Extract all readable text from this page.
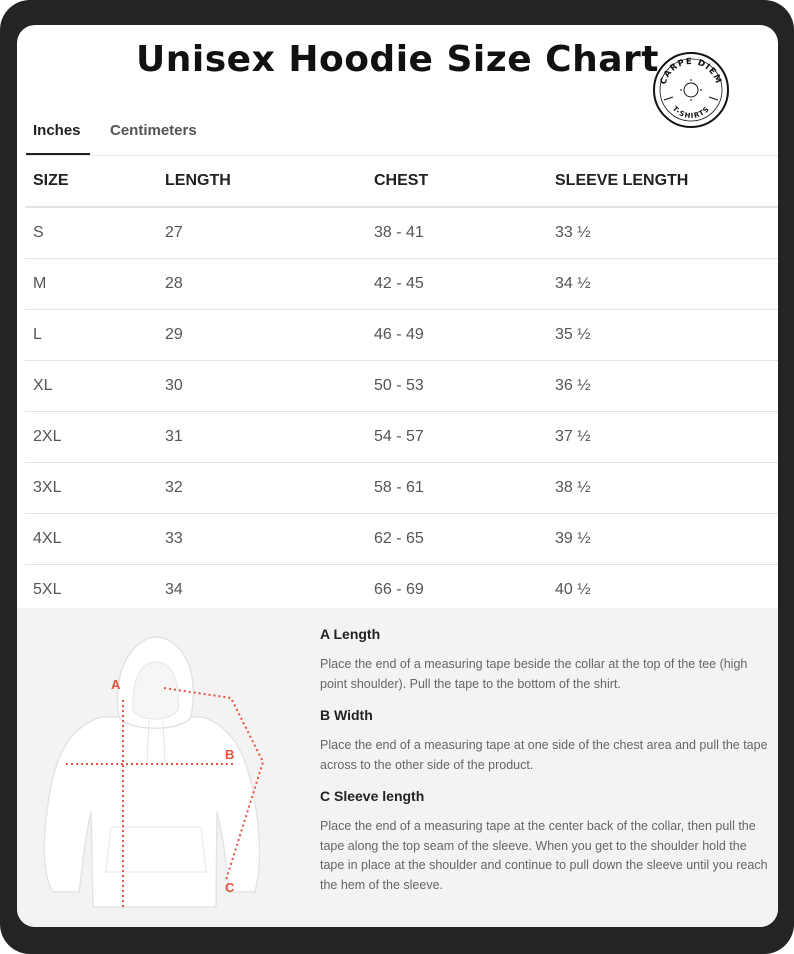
Unisex Hoodie Size Chart
CARPE DIEM
T-SHIRTS
Inches Centimeters
SIZE	LENGTH	CHEST	SLEEVE LENGTH
S	27	38 - 41	33 ½
M	28	42 - 45	34 ½
L	29	46 - 49	35 ½
XL	30	50 - 53	36 ½
2XL	31	54 - 57	37 ½
3XL	32	58 - 61	38 ½
4XL	33	62 - 65	39 ½
5XL	34	66 - 69	40 ½
A
B
C
A Length

Place the end of a measuring tape beside the collar at the top of the tee (high point shoulder). Pull the tape to the bottom of the shirt.

B Width

Place the end of a measuring tape at one side of the chest area and pull the tape across to the other side of the product.

C Sleeve length

Place the end of a measuring tape at the center back of the collar, then pull the tape along the top seam of the sleeve. When you get to the shoulder hold the tape in place at the shoulder and continue to pull down the sleeve until you reach the hem of the sleeve.
